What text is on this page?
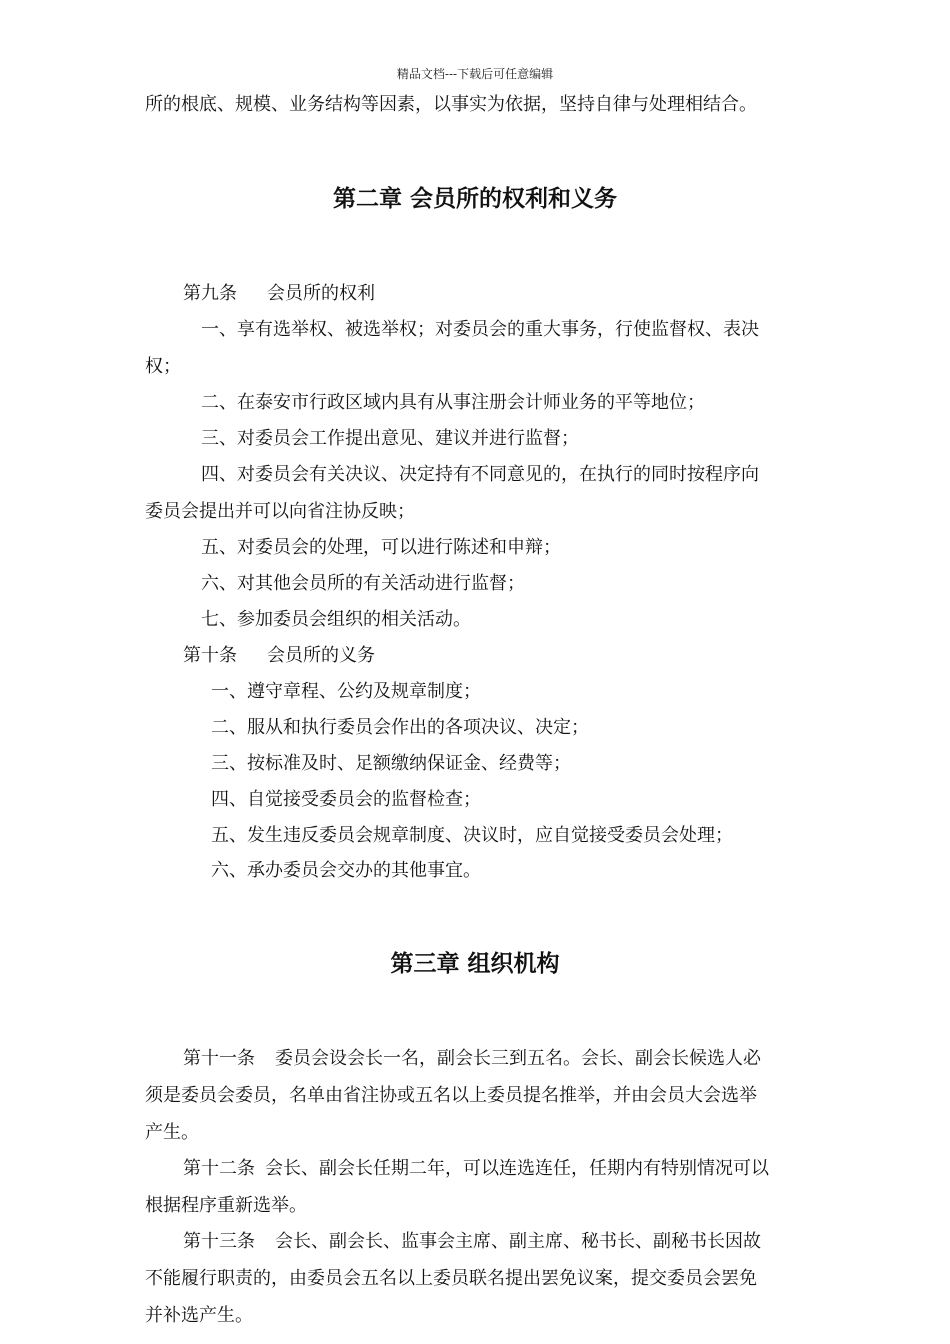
精品文档---下载后可任意编辑
所的根底、规模、业务结构等因素，以事实为依据，坚持自律与处理相结合。
第二章 会员所的权利和义务
第九条 会员所的权利
一、享有选举权、被选举权；对委员会的重大事务，行使监督权、表决
权；
二、在泰安市行政区域内具有从事注册会计师业务的平等地位；
三、对委员会工作提出意见、建议并进行监督；
四、对委员会有关决议、决定持有不同意见的，在执行的同时按程序向
委员会提出并可以向省注协反映；
五、对委员会的处理，可以进行陈述和申辩；
六、对其他会员所的有关活动进行监督；
七、参加委员会组织的相关活动。
第十条 会员所的义务
一、遵守章程、公约及规章制度；
二、服从和执行委员会作出的各项决议、决定；
三、按标准及时、足额缴纳保证金、经费等；
四、自觉接受委员会的监督检查；
五、发生违反委员会规章制度、决议时，应自觉接受委员会处理；
六、承办委员会交办的其他事宜。
第三章 组织机构
第十一条 委员会设会长一名，副会长三到五名。会长、副会长候选人必
须是委员会委员，名单由省注协或五名以上委员提名推举，并由会员大会选举
产生。
第十二条 会长、副会长任期二年，可以连选连任，任期内有特别情况可以
根据程序重新选举。
第十三条 会长、副会长、监事会主席、副主席、秘书长、副秘书长因故
不能履行职责的，由委员会五名以上委员联名提出罢免议案，提交委员会罢免
并补选产生。
